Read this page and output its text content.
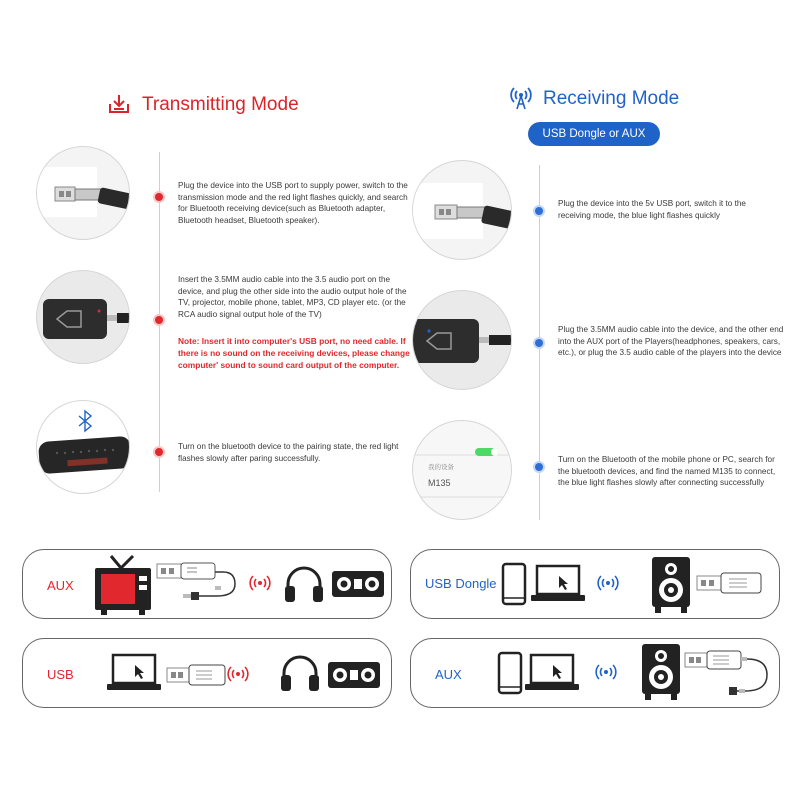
Transmitting Mode	Receiving Mode
USB Dongle or AUX
我的设备
M135
Plug the device into the USB port to supply power, switch to the transmission mode and the red light flashes quickly, and search for Bluetooth receiving device(such as Bluetooth adapter, Bluetooth headset, Bluetooth speaker).
Insert the 3.5MM audio cable into the 3.5 audio port on the device, and plug the other side into the audio output hole of the TV, projector, mobile phone, tablet, MP3, CD player etc. (or the RCA audio signal output hole of the TV)
Note: Insert it into computer's USB port, no need cable. If there is no sound on the receiving devices, please change computer' sound to sound card output of the computer.
Turn on the bluetooth device to the pairing state, the red light flashes slowly after paring successfully.
Plug the device into the 5v USB port, switch it to the receiving mode, the blue light flashes quickly
Plug the 3.5MM audio cable into the device, and the other end into the AUX port of the Players(headphones, speakers, cars, etc.), or plug the 3.5 audio cable of the players into the device
Turn on the Bluetooth of the mobile phone or PC, search for the bluetooth devices, and find the named M135 to connect, the blue light flashes slowly after connecting successfully
AUX	USB Dongle
USB	AUX
